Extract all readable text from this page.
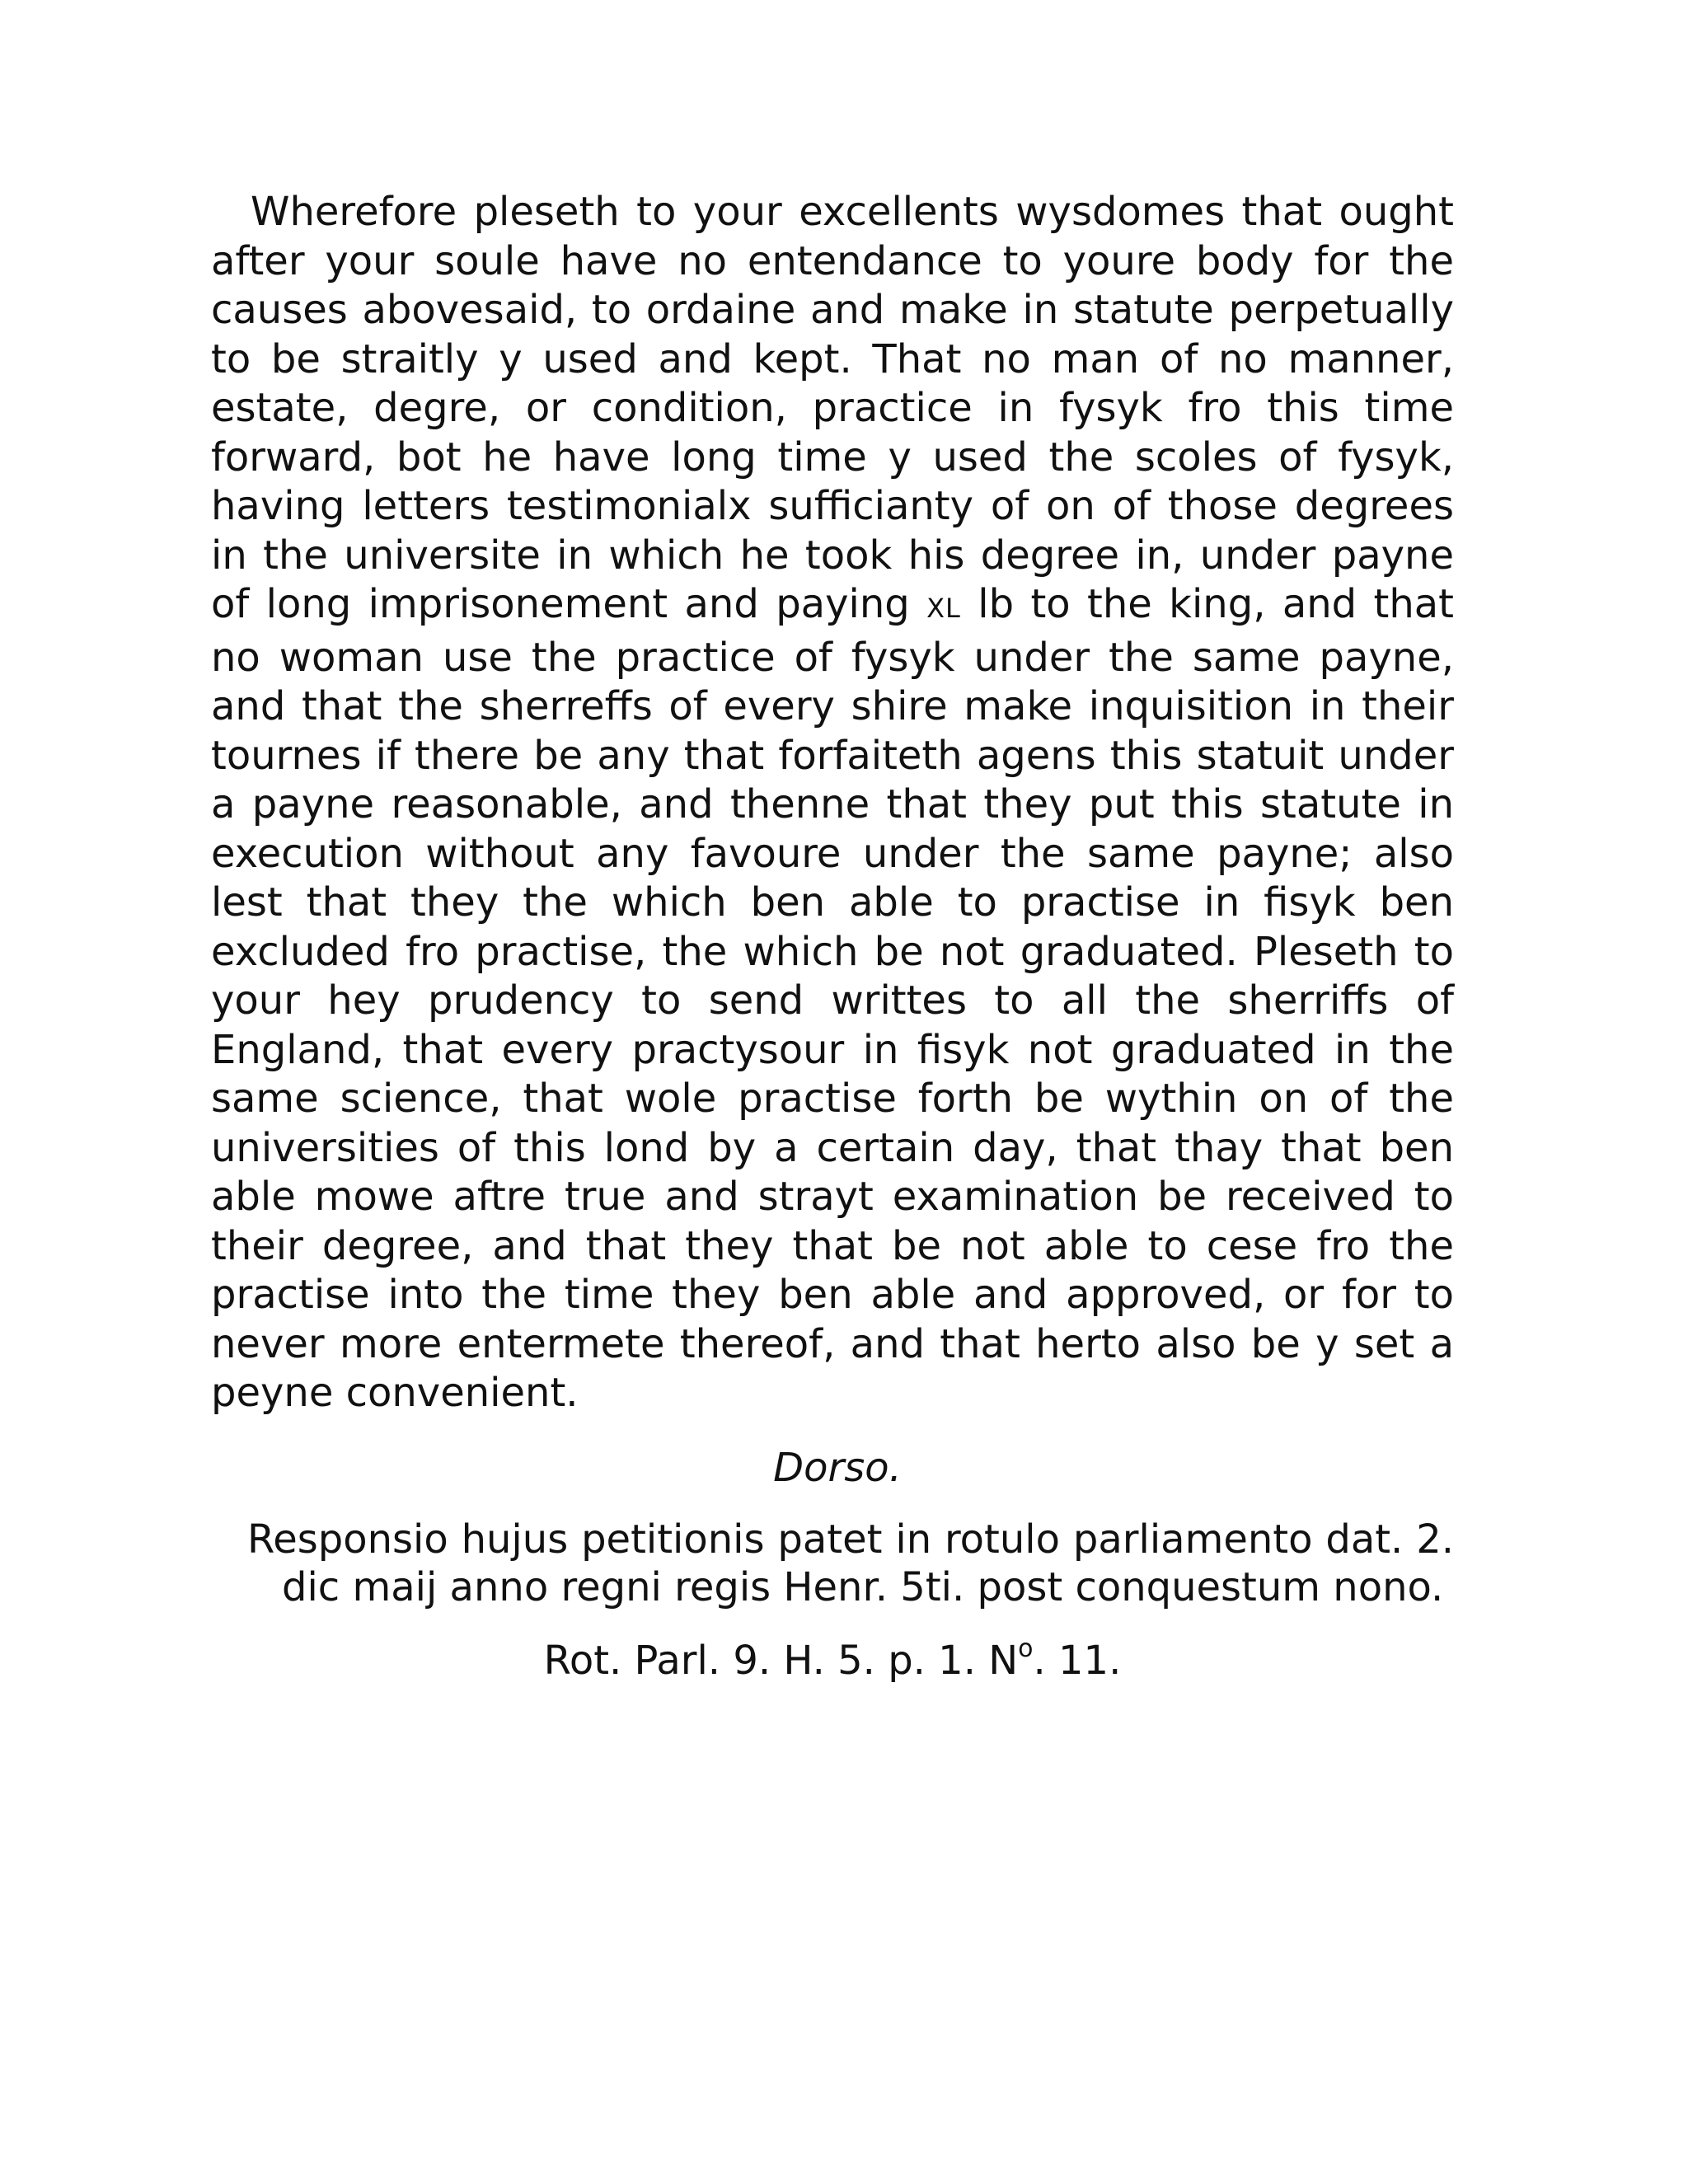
Wherefore pleseth to your excellents wysdomes that ought after your soule have no entendance to youre body for the causes abovesaid, to ordaine and make in statute perpetually to be straitly y used and kept. That no man of no manner, estate, degre, or condition, practice in fysyk fro this time forward, bot he have long time y used the scoles of fysyk, having letters testimonialx sufficianty of on of those degrees in the universite in which he took his degree in, under payne of long imprisonement and paying XL lb to the king, and that no woman use the practice of fysyk under the same payne, and that the sherreffs of every shire make inquisition in their tournes if there be any that forfaiteth agens this statuit under a payne reasonable, and thenne that they put this statute in execution without any favoure under the same payne; also lest that they the which ben able to practise in fisyk ben excluded fro practise, the which be not graduated. Pleseth to your hey prudency to send writtes to all the sherriffs of England, that every practysour in fisyk not graduated in the same science, that wole practise forth be wythin on of the universities of this lond by a certain day, that thay that ben able mowe aftre true and strayt examination be received to their degree, and that they that be not able to cese fro the practise into the time they ben able and approved, or for to never more entermete thereof, and that herto also be y set a peyne convenient.

Dorso.

Responsio hujus petitionis patet in rotulo parliamento dat. 2. dic maij anno regni regis Henr. 5ti. post conquestum nono.

Rot. Parl. 9. H. 5. p. 1. $N^o$. 11.
